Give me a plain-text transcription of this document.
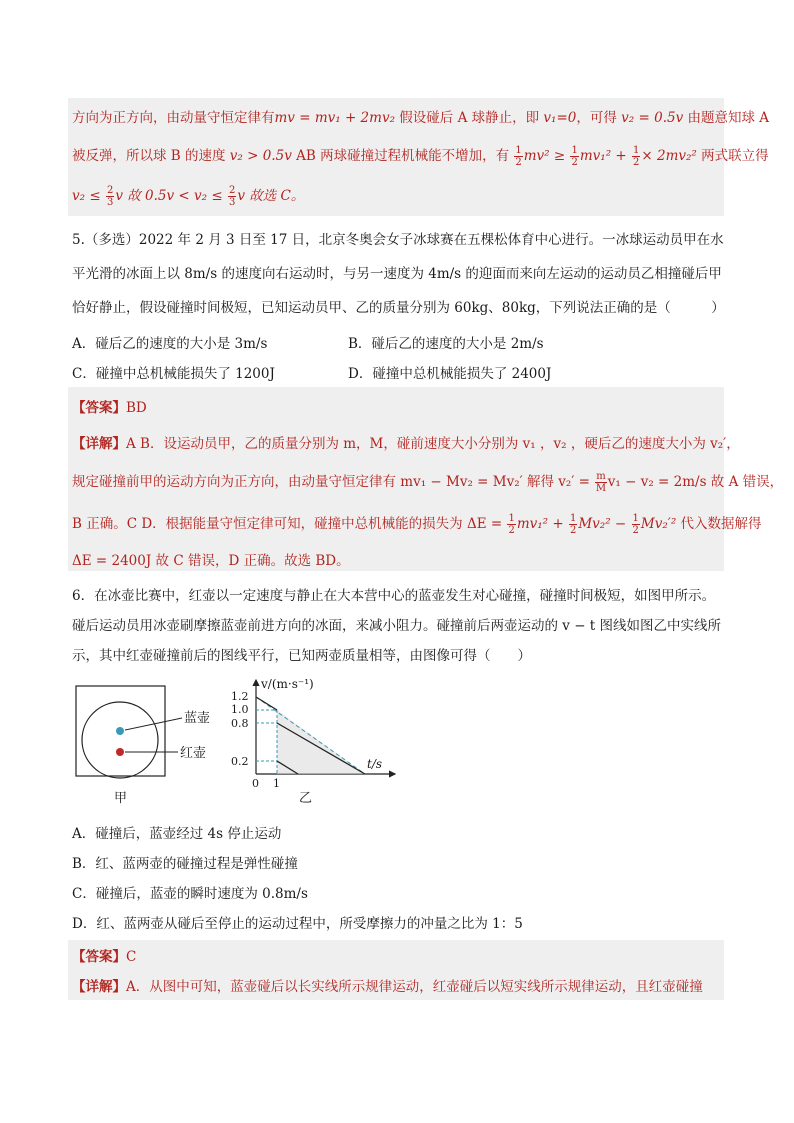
方向为正方向，由动量守恒定律有mv = mv₁ + 2mv₂ 假设碰后 A 球静止，即 v₁=0，可得 v₂ = 0.5v 由题意知球 A
被反弹，所以球 B 的速度 v₂ > 0.5v AB 两球碰撞过程机械能不增加，有 $\frac{1}{2} mv^2 \ge \frac{1}{2} mv_1^2 + \frac{1}{2} \times 2mv_2^2$ 两式联立得
$v_2 \le \frac{2}{3}$ v 故 $0.5v < v_2 \le \frac{2}{3}$ v 故选 C。
5.（多选）2022 年 2 月 3 日至 17 日，北京冬奥会女子冰球赛在五棵松体育中心进行。一冰球运动员甲在水
平光滑的冰面上以 8m/s 的速度向右运动时，与另一速度为 4m/s 的迎面而来向左运动的运动员乙相撞碰后甲
恰好静止，假设碰撞时间极短，已知运动员甲、乙的质量分别为 60kg、80kg，下列说法正确的是（　　　）
A．碰后乙的速度的大小是 3m/s	B．碰后乙的速度的大小是 2m/s
C．碰撞中总机械能损失了 1200J	D．碰撞中总机械能损失了 2400J
【答案】BD
【详解】A B．设运动员甲，乙的质量分别为 m，M，碰前速度大小分别为 v₁ ，v₂ ，硬后乙的速度大小为 v₂′，
规定碰撞前甲的运动方向为正方向，由动量守恒定律有 mv₁ − Mv₂ = Mv₂′ 解得 $v_2' = \frac{m}{M} v_1 - v_2 = 2m/s$ 故 A 错误，
B 正确。C D．根据能量守恒定律可知，碰撞中总机械能的损失为 $\Delta E = \frac{1}{2} mv_1^2 + \frac{1}{2} Mv_2^2 - \frac{1}{2} Mv_2'^2$ 代入数据解得
ΔE = 2400J 故 C 错误，D 正确。故选 BD。
6．在冰壶比赛中，红壶以一定速度与静止在大本营中心的蓝壶发生对心碰撞，碰撞时间极短，如图甲所示。
碰后运动员用冰壶刷摩擦蓝壶前进方向的冰面，来减小阻力。碰撞前后两壶运动的 v − t 图线如图乙中实线所
示，其中红壶碰撞前后的图线平行，已知两壶质量相等，由图像可得（　　）
蓝壶
红壶
甲
v/(m·s⁻¹)
t/s
1.2
1.0
0.8
0.2
0 1
乙
A．碰撞后，蓝壶经过 4s 停止运动
B．红、蓝两壶的碰撞过程是弹性碰撞
C．碰撞后，蓝壶的瞬时速度为 0.8m/s
D．红、蓝两壶从碰后至停止的运动过程中，所受摩擦力的冲量之比为 1：5
【答案】C
【详解】A．从图中可知，蓝壶碰后以长实线所示规律运动，红壶碰后以短实线所示规律运动，且红壶碰撞
